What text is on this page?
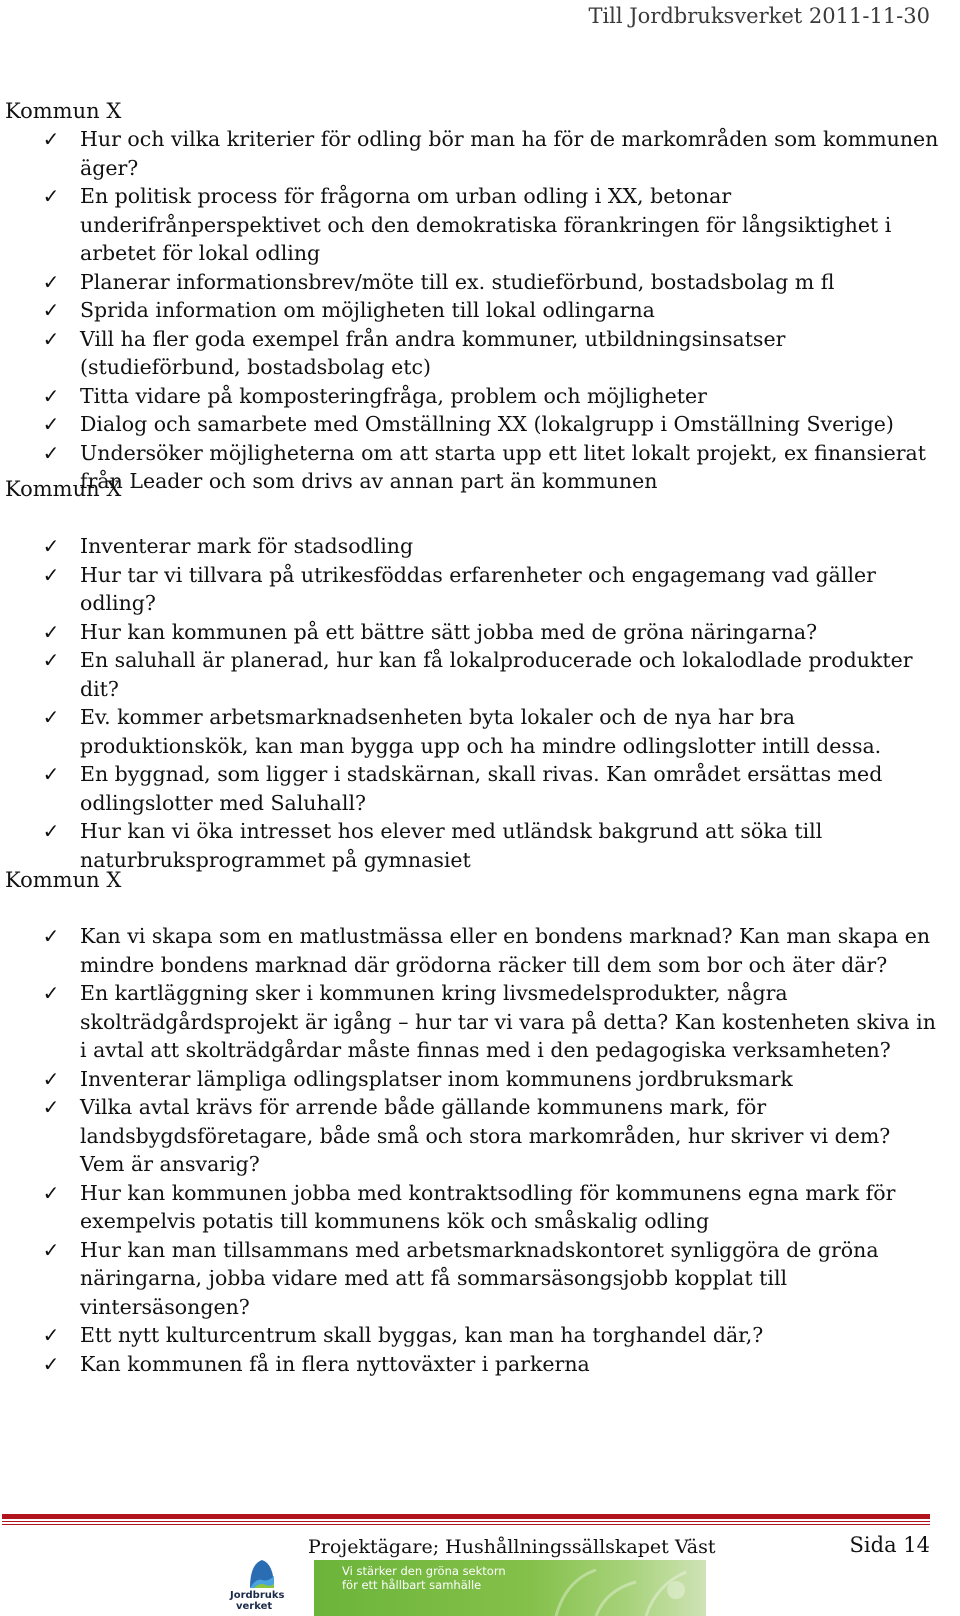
Till Jordbruksverket 2011-11-30
Kommun X
✓ Hur och vilka kriterier för odling bör man ha för de markområden som kommunen äger?
✓ En politisk process för frågorna om urban odling i XX, betonar underifrånperspektivet och den demokratiska förankringen för långsiktighet i arbetet för lokal odling
✓ Planerar informationsbrev/möte till ex. studieförbund, bostadsbolag m fl
✓ Sprida information om möjligheten till lokal odlingarna
✓ Vill ha fler goda exempel från andra kommuner, utbildningsinsatser (studieförbund, bostadsbolag etc)
✓ Titta vidare på komposteringfråga, problem och möjligheter
✓ Dialog och samarbete med Omställning XX (lokalgrupp i Omställning Sverige)
✓ Undersöker möjligheterna om att starta upp ett litet lokalt projekt, ex finansierat från Leader och som drivs av annan part än kommunen
Kommun X
✓ Inventerar mark för stadsodling
✓ Hur tar vi tillvara på utrikesföddas erfarenheter och engagemang vad gäller odling?
✓ Hur kan kommunen på ett bättre sätt jobba med de gröna näringarna?
✓ En saluhall är planerad, hur kan få lokalproducerade och lokalodlade produkter dit?
✓ Ev. kommer arbetsmarknadsenheten byta lokaler och de nya har bra produktionskök, kan man bygga upp och ha mindre odlingslotter intill dessa.
✓ En byggnad, som ligger i stadskärnan, skall rivas. Kan området ersättas med odlingslotter med Saluhall?
✓ Hur kan vi öka intresset hos elever med utländsk bakgrund att söka till naturbruksprogrammet på gymnasiet
Kommun X
✓ Kan vi skapa som en matlustmässa eller en bondens marknad? Kan man skapa en mindre bondens marknad där grödorna räcker till dem som bor och äter där?
✓ En kartläggning sker i kommunen kring livsmedelsprodukter, några skolträdgårdsprojekt är igång – hur tar vi vara på detta? Kan kostenheten skiva in i avtal att skolträdgårdar måste finnas med i den pedagogiska verksamheten?
✓ Inventerar lämpliga odlingsplatser inom kommunens jordbruksmark
✓ Vilka avtal krävs för arrende både gällande kommunens mark, för landsbygdsföretagare, både små och stora markområden, hur skriver vi dem? Vem är ansvarig?
✓ Hur kan kommunen jobba med kontraktsodling för kommunens egna mark för exempelvis potatis till kommunens kök och småskalig odling
✓ Hur kan man tillsammans med arbetsmarknadskontoret synliggöra de gröna näringarna, jobba vidare med att få sommarsäsongsjobb kopplat till vintersäsongen?
✓ Ett nytt kulturcentrum skall byggas, kan man ha torghandel där,?
✓ Kan kommunen få in flera nyttoväxter i parkerna
Projektägare; Hushållningssällskapet Väst	Sida 14
Jordbruks
verket
Vi stärker den gröna sektorn
för ett hållbart samhälle
